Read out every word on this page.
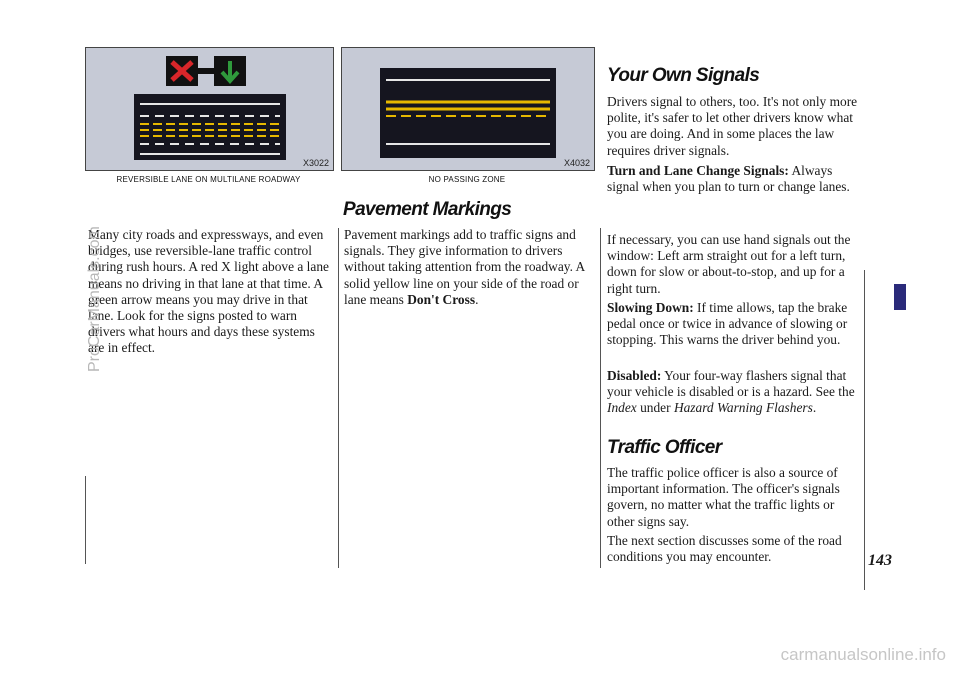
X3022
REVERSIBLE LANE ON MULTILANE ROADWAY
X4032
NO PASSING ZONE

Many city roads and expressways, and even bridges, use reversible-lane traffic control during rush hours. A red X light above a lane means no driving in that lane at that time. A green arrow means you may drive in that lane. Look for the signs posted to warn drivers what hours and days these systems are in effect.

Pavement Markings

Pavement markings add to traffic signs and signals. They give information to drivers without taking attention from the roadway. A solid yellow line on your side of the road or lane means Don't Cross.

Your Own Signals

Drivers signal to others, too. It's not only more polite, it's safer to let other drivers know what you are doing. And in some places the law requires driver signals.

Turn and Lane Change Signals: Always signal when you plan to turn or change lanes.

If necessary, you can use hand signals out the window: Left arm straight out for a left turn, down for slow or about-to-stop, and up for a right turn.

Slowing Down: If time allows, tap the brake pedal once or twice in advance of slowing or stopping. This warns the driver behind you.

Disabled: Your four-way flashers signal that your vehicle is disabled or is a hazard. See the Index under Hazard Warning Flashers.

Traffic Officer

The traffic police officer is also a source of important information. The officer's signals govern, no matter what the traffic lights or other signs say.

The next section discusses some of the road conditions you may encounter.	143
ProCarManuals.com
carmanualsonline.info
